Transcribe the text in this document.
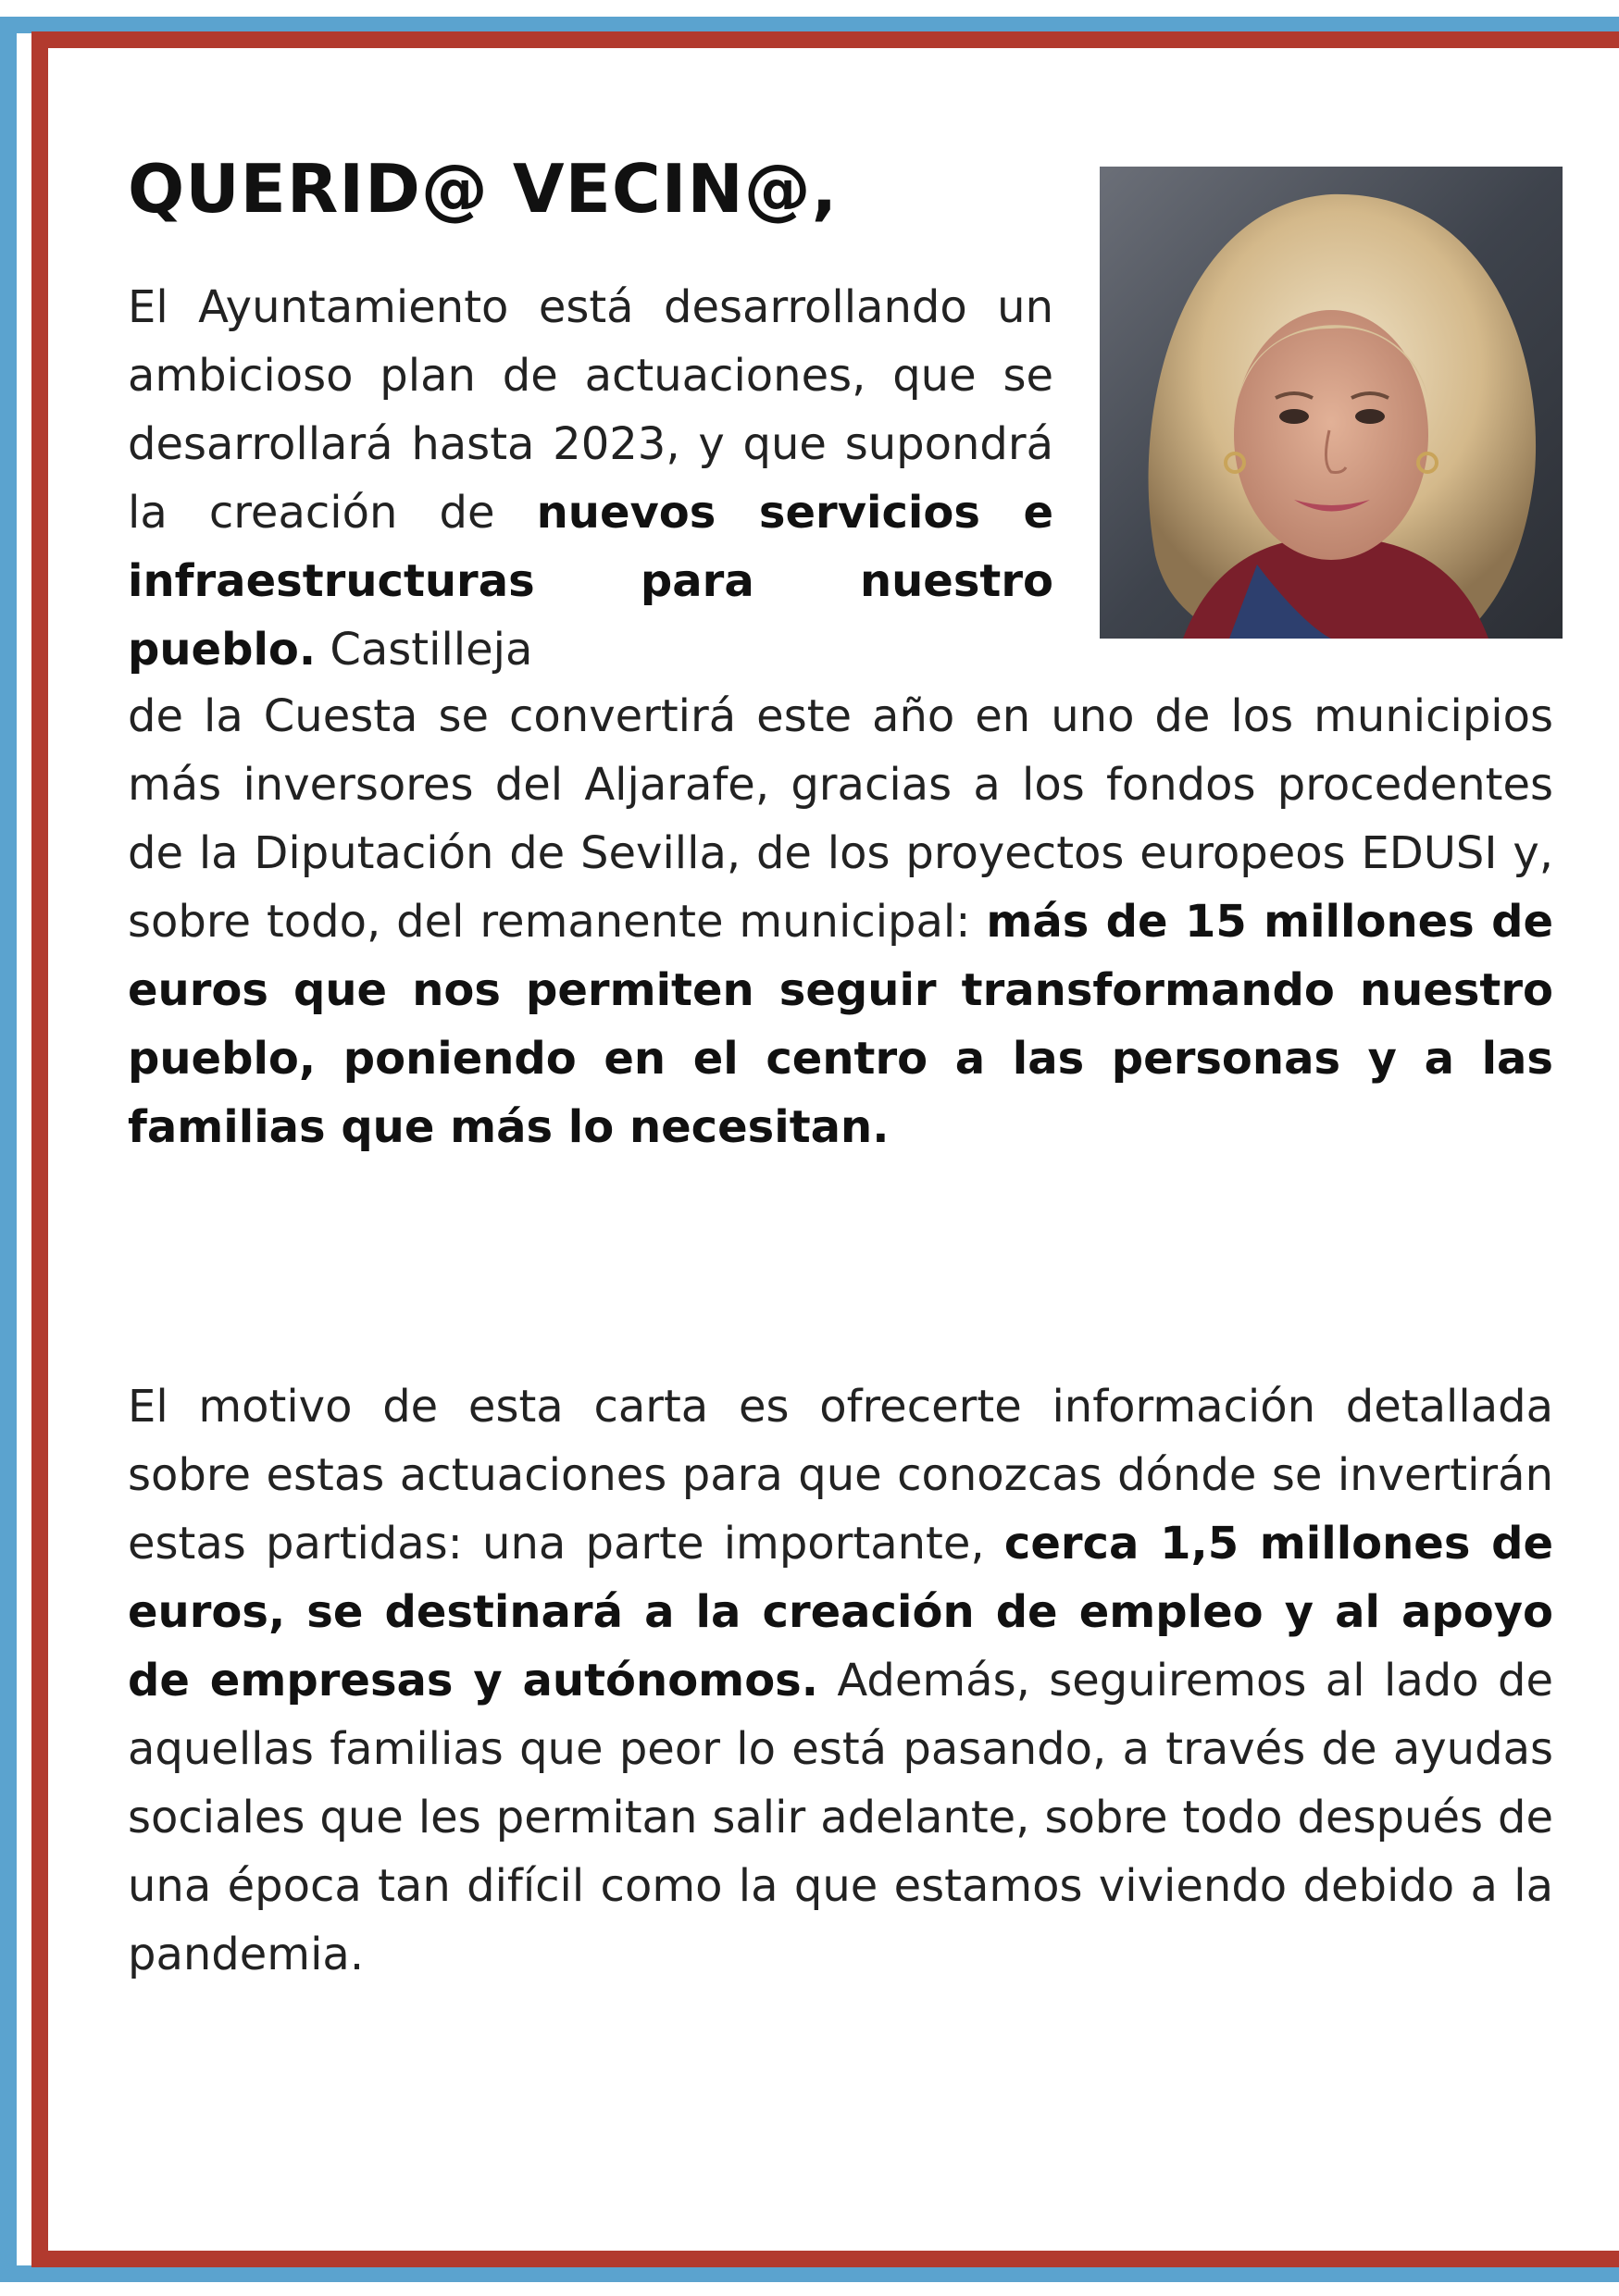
QUERID@ VECIN@,
El Ayuntamiento está desarrollando un ambicioso plan de actuaciones, que se desarrollará hasta 2023, y que supondrá la creación de nuevos servicios e infraestructuras para nuestro pueblo. Castilleja
de la Cuesta se convertirá este año en uno de los municipios más inversores del Aljarafe, gracias a los fondos procedentes de la Diputación de Sevilla, de los proyectos europeos EDUSI y, sobre todo, del remanente municipal: más de 15 millones de euros que nos permiten seguir transformando nuestro pueblo, poniendo en el centro a las personas y a las familias que más lo necesitan.
El motivo de esta carta es ofrecerte información detallada sobre estas actuaciones para que conozcas dónde se invertirán estas partidas: una parte importante, cerca 1,5 millones de euros, se destinará a la creación de empleo y al apoyo de empresas y autónomos. Además, seguiremos al lado de aquellas familias que peor lo está pasando, a través de ayudas sociales que les permitan salir adelante, sobre todo después de una época tan difícil como la que estamos viviendo debido a la pandemia.
